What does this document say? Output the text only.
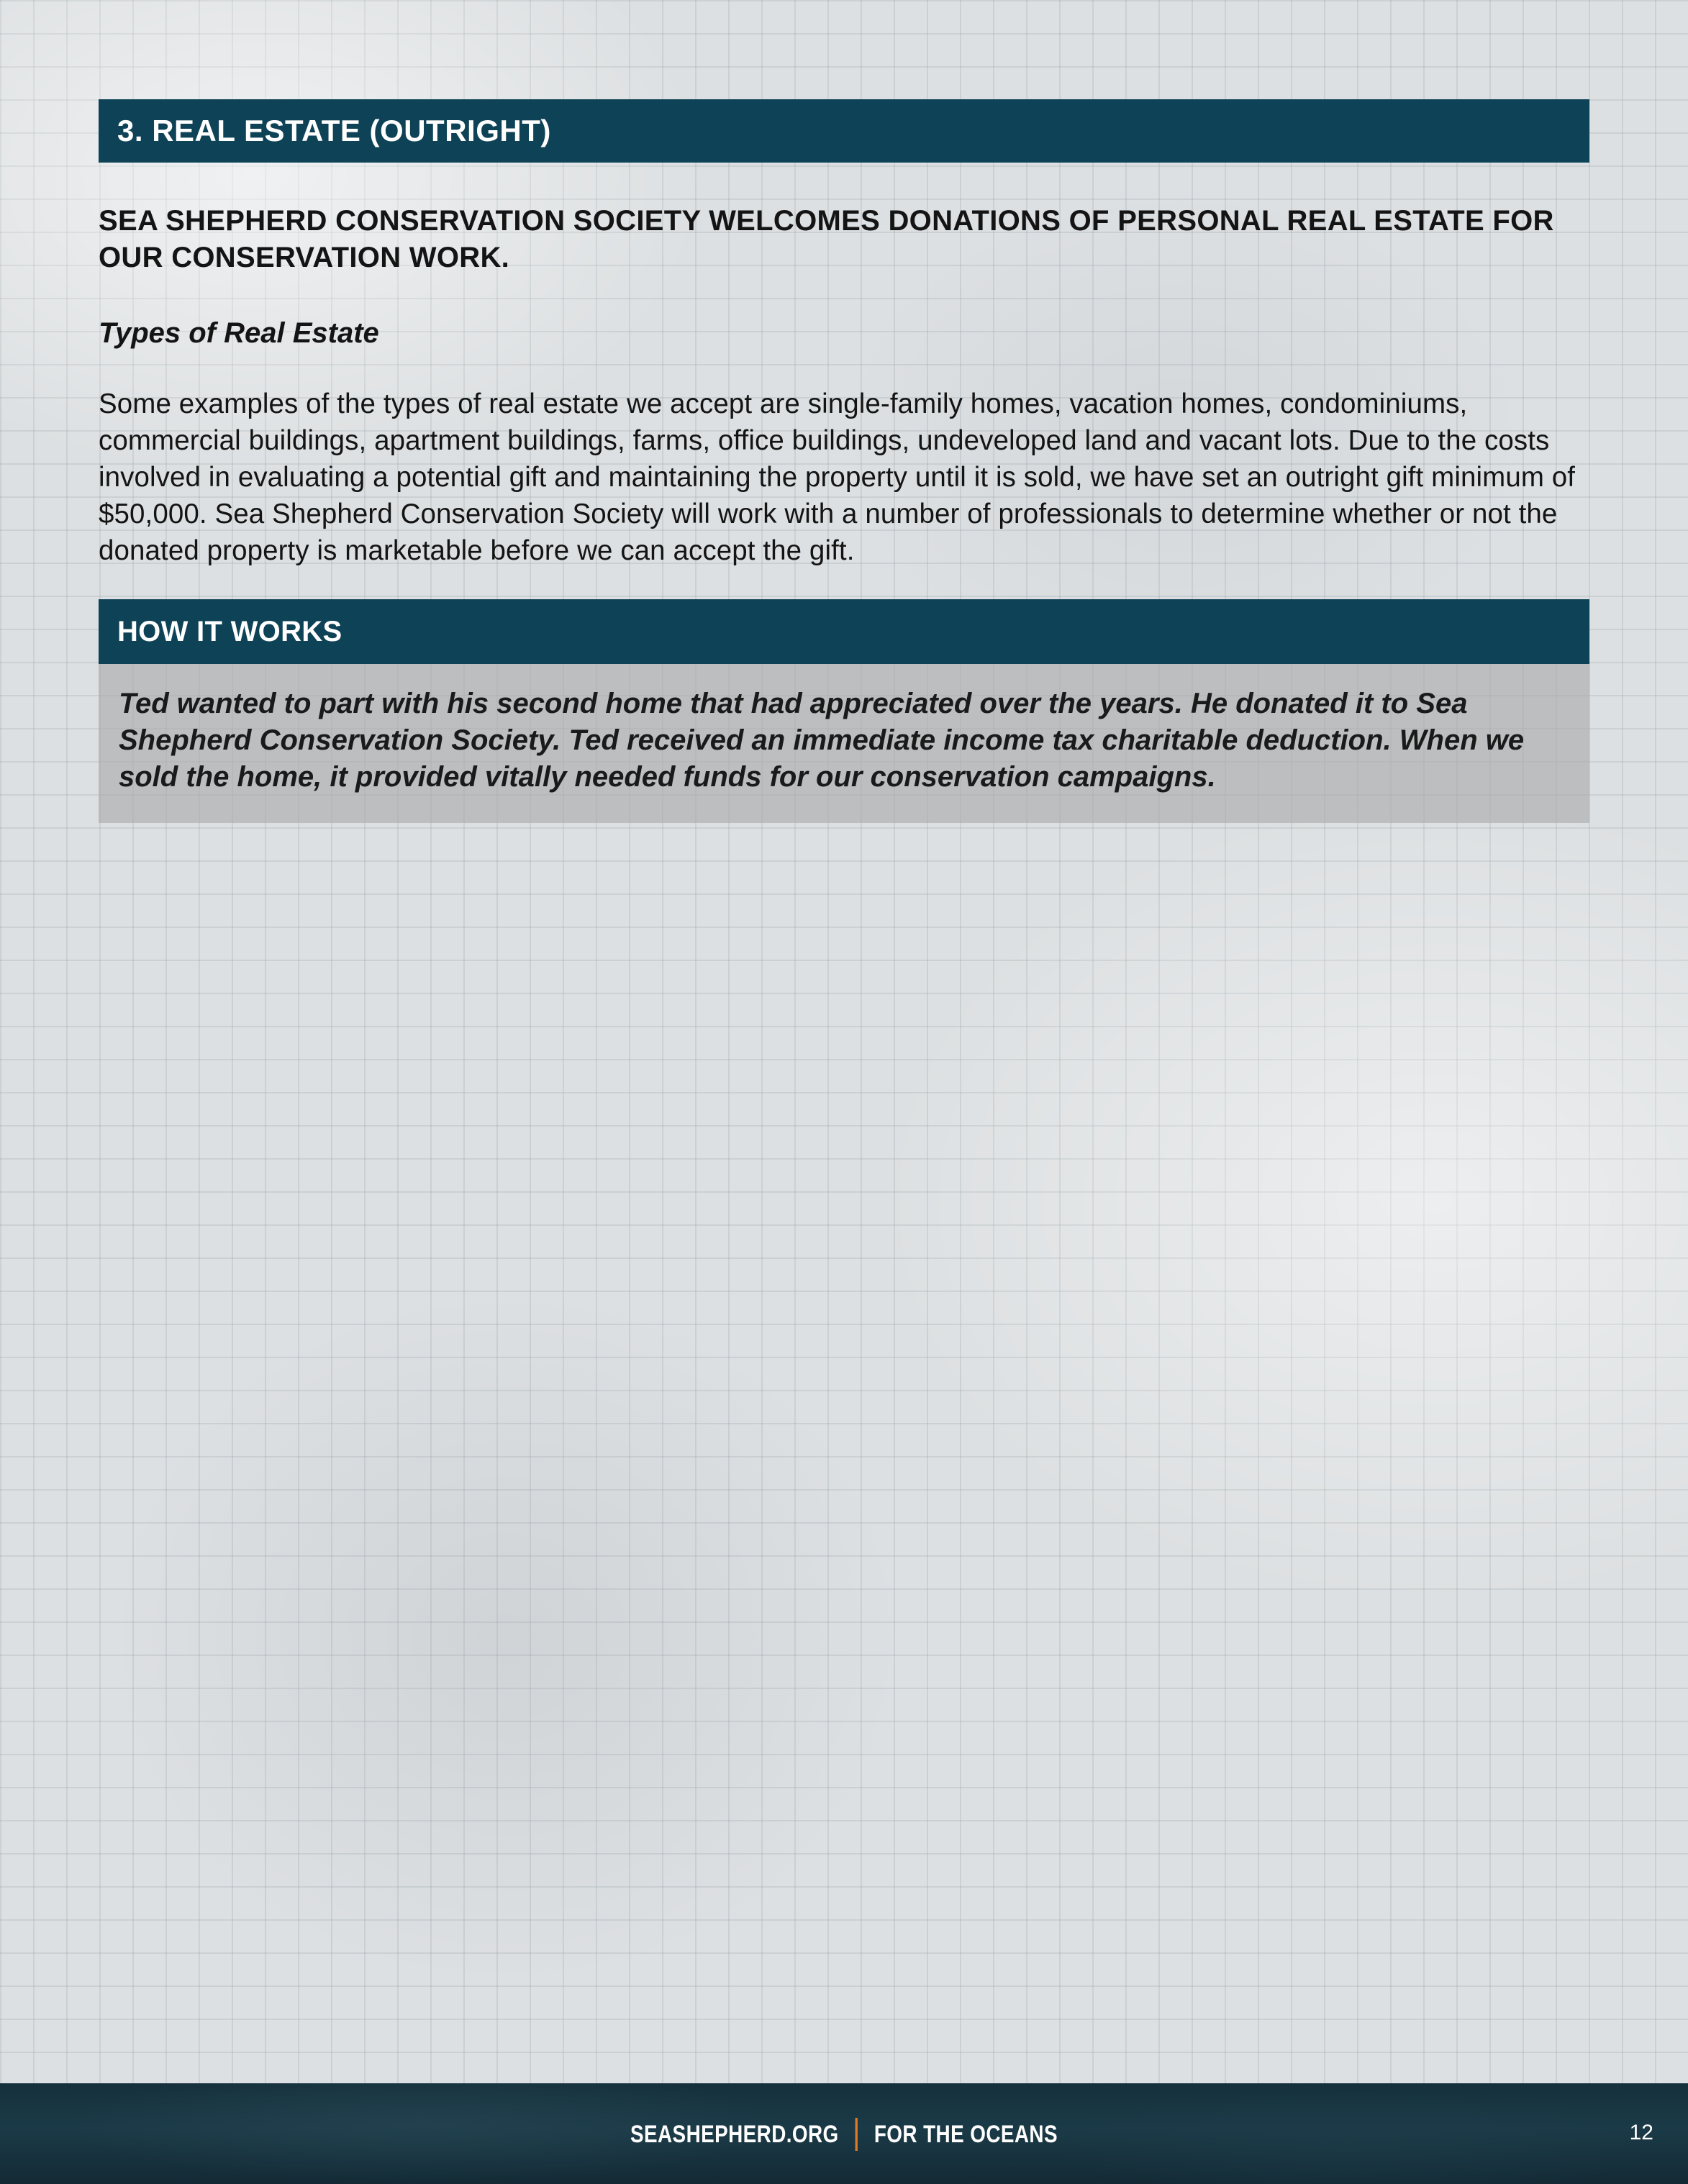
3. REAL ESTATE (OUTRIGHT)

SEA SHEPHERD CONSERVATION SOCIETY WELCOMES DONATIONS OF PERSONAL REAL ESTATE FOR OUR CONSERVATION WORK.

Types of Real Estate

Some examples of the types of real estate we accept are single-family homes, vacation homes, condominiums, commercial buildings, apartment buildings, farms, office buildings, undeveloped land and vacant lots. Due to the costs involved in evaluating a potential gift and maintaining the property until it is sold, we have set an outright gift minimum of $50,000. Sea Shepherd Conservation Society will work with a number of professionals to determine whether or not the donated property is marketable before we can accept the gift.

HOW IT WORKS
Ted wanted to part with his second home that had appreciated over the years. He donated it to Sea Shepherd Conservation Society. Ted received an immediate income tax charitable deduction. When we sold the home, it provided vitally needed funds for our conservation campaigns.
SEASHEPHERD.ORG FOR THE OCEANS	12
